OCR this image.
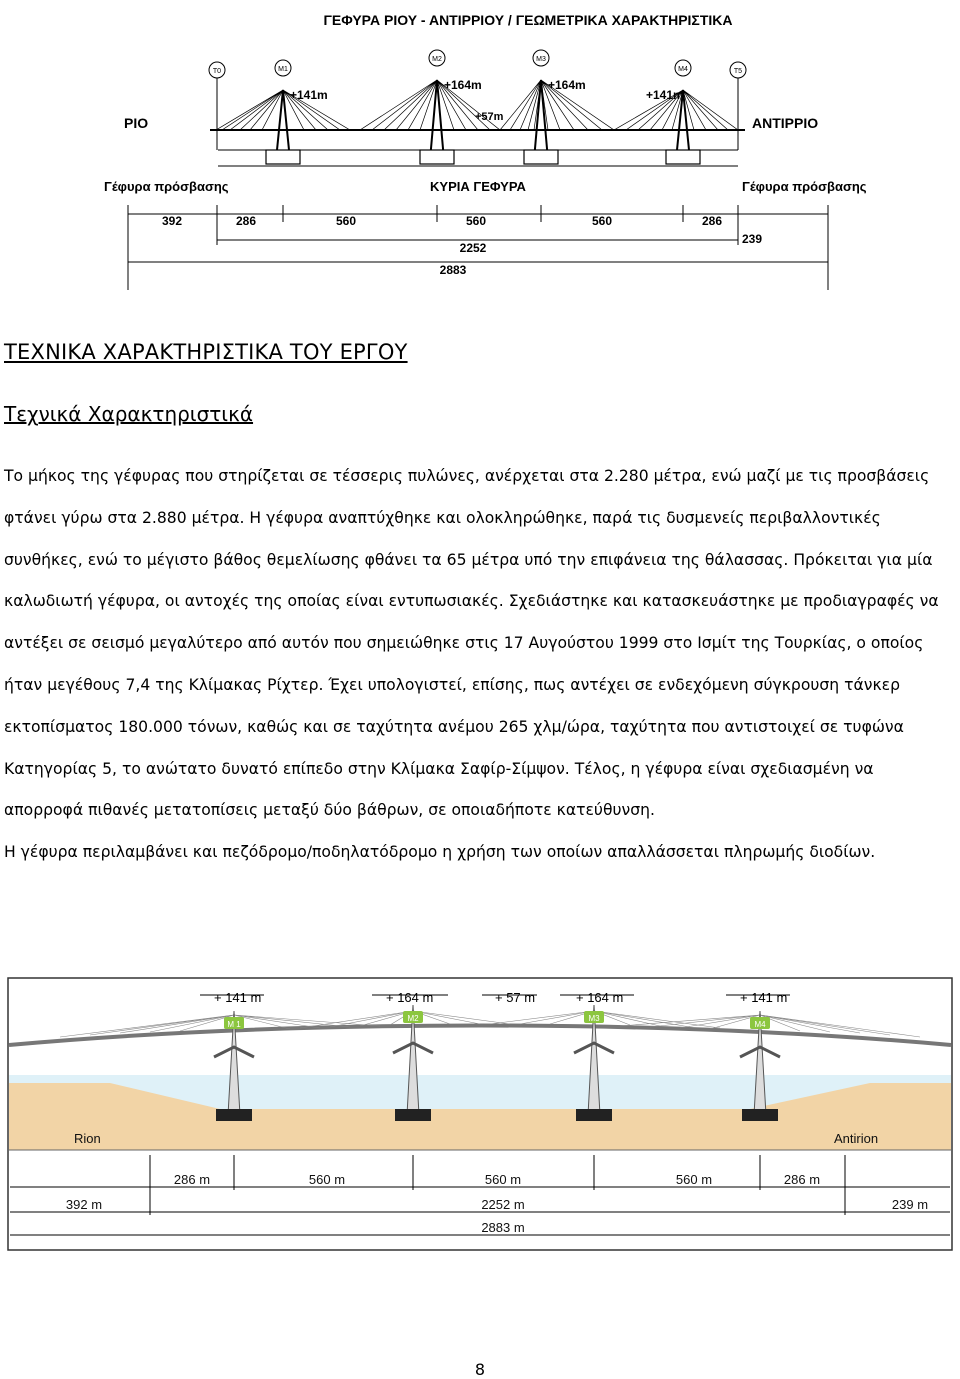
ΓΕΦΥΡΑ ΡΙΟΥ - ΑΝΤΙΡΡΙΟΥ / ΓΕΩΜΕΤΡΙΚΑ ΧΑΡΑΚΤΗΡΙΣΤΙΚΑ
Τ0	Τ5
Μ1
Μ2	Μ3
Μ4
+141m
+164m	+164m
+141m
+57m
ΡΙΟ	ΑΝΤΙΡΡΙΟ
Γέφυρα πρόσβασης	ΚΥΡΙΑ ΓΕΦΥΡΑ	Γέφυρα πρόσβασης
392	286	560	560	560	286
239
2252
2883
ΤΕΧΝΙΚΑ ΧΑΡΑΚΤΗΡΙΣΤΙΚΑ ΤΟΥ ΕΡΓΟΥ
Τεχνικά Χαρακτηριστικά

Το μήκος της γέφυρας που στηρίζεται σε τέσσερις πυλώνες, ανέρχεται στα 2.280 μέτρα, ενώ μαζί με τις προσβάσεις φτάνει γύρω στα 2.880 μέτρα. Η γέφυρα αναπτύχθηκε και ολοκληρώθηκε, παρά τις δυσμενείς περιβαλλοντικές συνθήκες, ενώ το μέγιστο βάθος θεμελίωσης φθάνει τα 65 μέτρα υπό την επιφάνεια της θάλασσας. Πρόκειται για μία καλωδιωτή γέφυρα, οι αντοχές της οποίας είναι εντυπωσιακές. Σχεδιάστηκε και κατασκευάστηκε με προδιαγραφές να αντέξει σε σεισμό μεγαλύτερο από αυτόν που σημειώθηκε στις 17 Αυγούστου 1999 στο Ισμίτ της Τουρκίας, ο οποίος ήταν μεγέθους 7,4 της Κλίμακας Ρίχτερ. Έχει υπολογιστεί, επίσης, πως αντέχει σε ενδεχόμενη σύγκρουση τάνκερ εκτοπίσματος 180.000 τόνων, καθώς και σε ταχύτητα ανέμου 265 χλμ/ώρα, ταχύτητα που αντιστοιχεί σε τυφώνα Κατηγορίας 5, το ανώτατο δυνατό επίπεδο στην Κλίμακα Σαφίρ-Σίμψον. Τέλος, η γέφυρα είναι σχεδιασμένη να απορροφά πιθανές μετατοπίσεις μεταξύ δύο βάθρων, σε οποιαδήποτε κατεύθυνση.

Η γέφυρα περιλαμβάνει και πεζόδρομο/ποδηλατόδρομο η χρήση των οποίων απαλλάσσεται πληρωμής διοδίων.

+ 141 m	+ 164 m	+ 57 m	+ 164 m	+ 141 m
M 1
M2	M3
M4
Rion	Antirion
286 m	560 m	560 m	560 m	286 m
392 m	2252 m	239 m
2883 m
8
